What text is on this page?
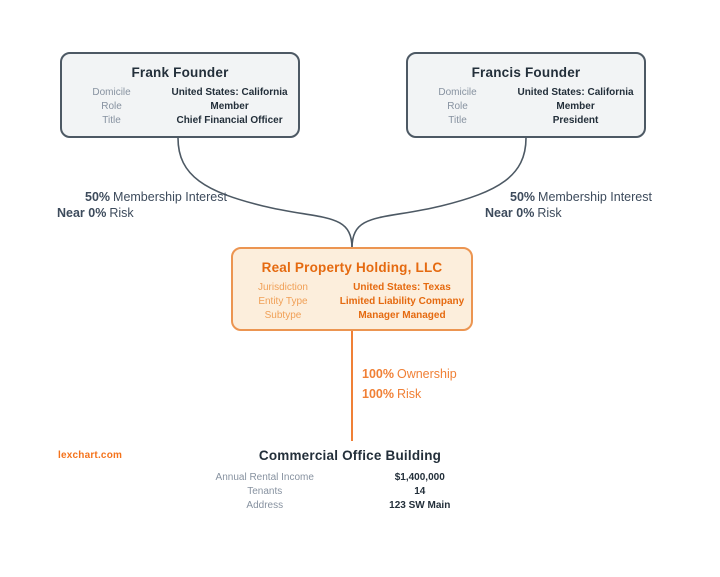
Frank Founder
Domicile	United States: California
Role	Member
Title	Chief Financial Officer
Francis Founder
Domicile	United States: California
Role	Member
Title	President
Real Property Holding, LLC
Jurisdiction	United States: Texas
Entity Type	Limited Liability Company
Subtype	Manager Managed
50% Membership Interest
Near 0% Risk
50% Membership Interest
Near 0% Risk
100% Ownership
100% Risk
Commercial Office Building
Annual Rental Income	$1,400,000
Tenants	14
Address	123 SW Main
lexchart.com
